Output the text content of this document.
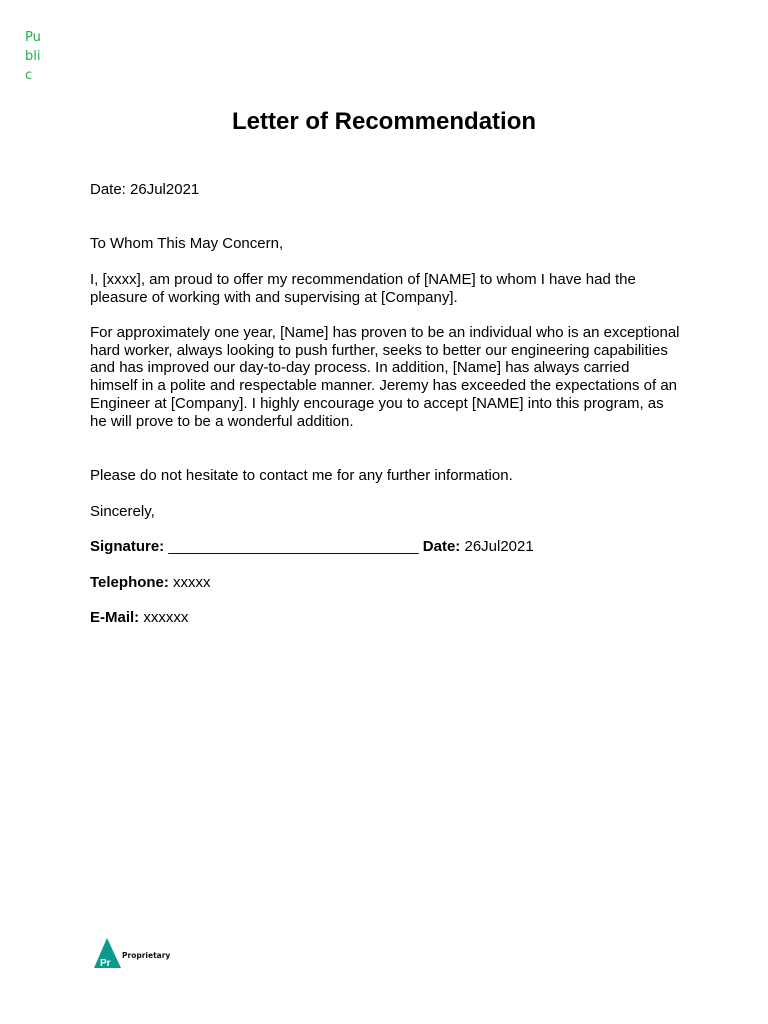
Public
Letter of Recommendation

Date: 26Jul2021

To Whom This May Concern,

I, [xxxx], am proud to offer my recommendation of [NAME] to whom I have had the pleasure of working with and supervising at [Company].

For approximately one year, [Name] has proven to be an individual who is an exceptional hard worker, always looking to push further, seeks to better our engineering capabilities and has improved our day-to-day process. In addition, [Name] has always carried himself in a polite and respectable manner. Jeremy has exceeded the expectations of an Engineer at [Company]. I highly encourage you to accept [NAME] into this program, as he will prove to be a wonderful addition.

Please do not hesitate to contact me for any further information.

Sincerely,

Signature: ______________________________ Date: 26Jul2021

Telephone: xxxxx

E-Mail: xxxxxx

Pr
Proprietary
